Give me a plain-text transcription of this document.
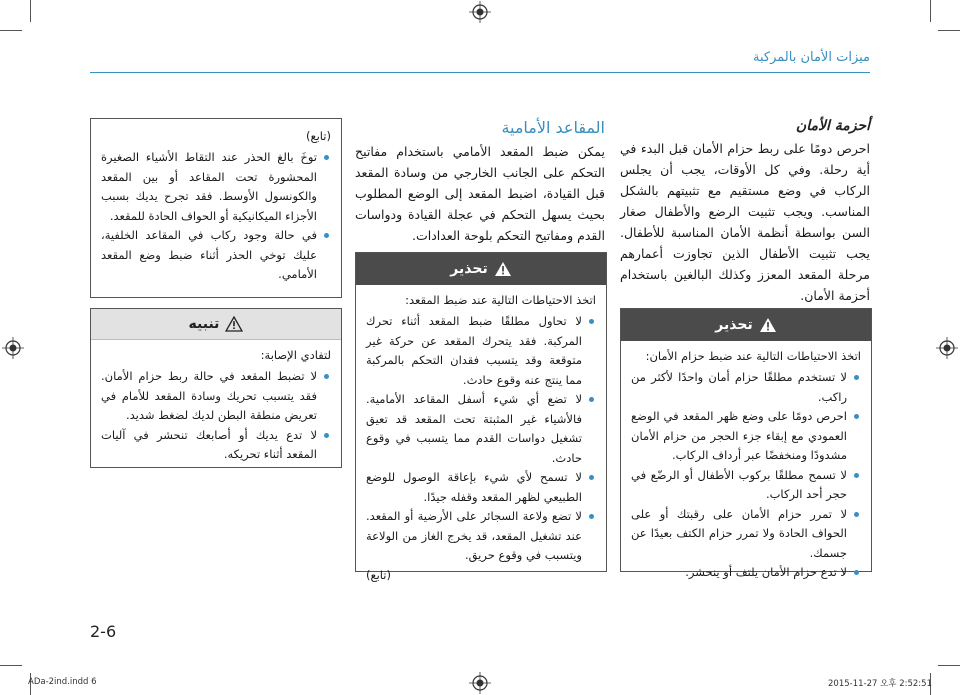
ميزات الأمان بالمركبة
أحزمة الأمان

احرص دومًا على ربط حزام الأمان قبل البدء في أية رحلة. وفي كل الأوقات، يجب أن يجلس الركاب في وضع مستقيم مع تثبيتهم بالشكل المناسب. ويجب تثبيت الرضع والأطفال صغار السن بواسطة أنظمة الأمان المناسبة للأطفال. يجب تثبيت الأطفال الذين تجاوزت أعمارهم مرحلة المقعد المعزز وكذلك البالغين باستخدام أحزمة الأمان.

تحذير

اتخذ الاحتياطات التالية عند ضبط حزام الأمان:

لا تستخدم مطلقًا حزام أمان واحدًا لأكثر من راكب.
احرص دومًا على وضع ظهر المقعد في الوضع العمودي مع إبقاء جزء الحجر من حزام الأمان مشدودًا ومنخفضًا عبر أرداف الركاب.
لا تسمح مطلقًا بركوب الأطفال أو الرضّع في حجر أحد الركاب.
لا تمرر حزام الأمان على رقبتك أو على الحواف الحادة ولا تمرر حزام الكتف بعيدًا عن جسمك.
لا تدع حزام الأمان يلتف أو ينحشر.
المقاعد الأمامية

يمكن ضبط المقعد الأمامي باستخدام مفاتيح التحكم على الجانب الخارجي من وسادة المقعد قبل القيادة، اضبط المقعد إلى الوضع المطلوب بحيث يسهل التحكم في عجلة القيادة ودواسات القدم ومفاتيح التحكم بلوحة العدادات.

تحذير

اتخذ الاحتياطات التالية عند ضبط المقعد:

لا تحاول مطلقًا ضبط المقعد أثناء تحرك المركبة. فقد يتحرك المقعد عن حركة غير متوقعة وقد يتسبب فقدان التحكم بالمركبة مما ينتج عنه وقوع حادث.
لا تضع أي شيء أسفل المقاعد الأمامية. فالأشياء غير المثبتة تحت المقعد قد تعيق تشغيل دواسات القدم مما يتسبب في وقوع حادث.
لا تسمح لأي شيء بإعاقة الوصول للوضع الطبيعي لظهر المقعد وقفله جيدًا.
لا تضع ولاعة السجائر على الأرضية أو المقعد. عند تشغيل المقعد، قد يخرج الغاز من الولاعة ويتسبب في وقوع حريق.
(تابع)

(تابع)

توخَ بالغ الحذر عند التقاط الأشياء الصغيرة المحشورة تحت المقاعد أو بين المقعد والكونسول الأوسط. فقد تجرح يديك بسبب الأجزاء الميكانيكية أو الحواف الحادة للمقعد.
في حالة وجود ركاب في المقاعد الخلفية، عليك توخي الحذر أثناء ضبط وضع المقعد الأمامي.
تنبيه

لتفادي الإصابة:

لا تضبط المقعد في حالة ربط حزام الأمان. فقد يتسبب تحريك وسادة المقعد للأمام في تعريض منطقة البطن لديك لضغط شديد.
لا تدع يديك أو أصابعك تنحشر في آليات المقعد أثناء تحريكه.
2-6
ADa-2ind.indd 6	2015-11-27 오후 2:52:51
